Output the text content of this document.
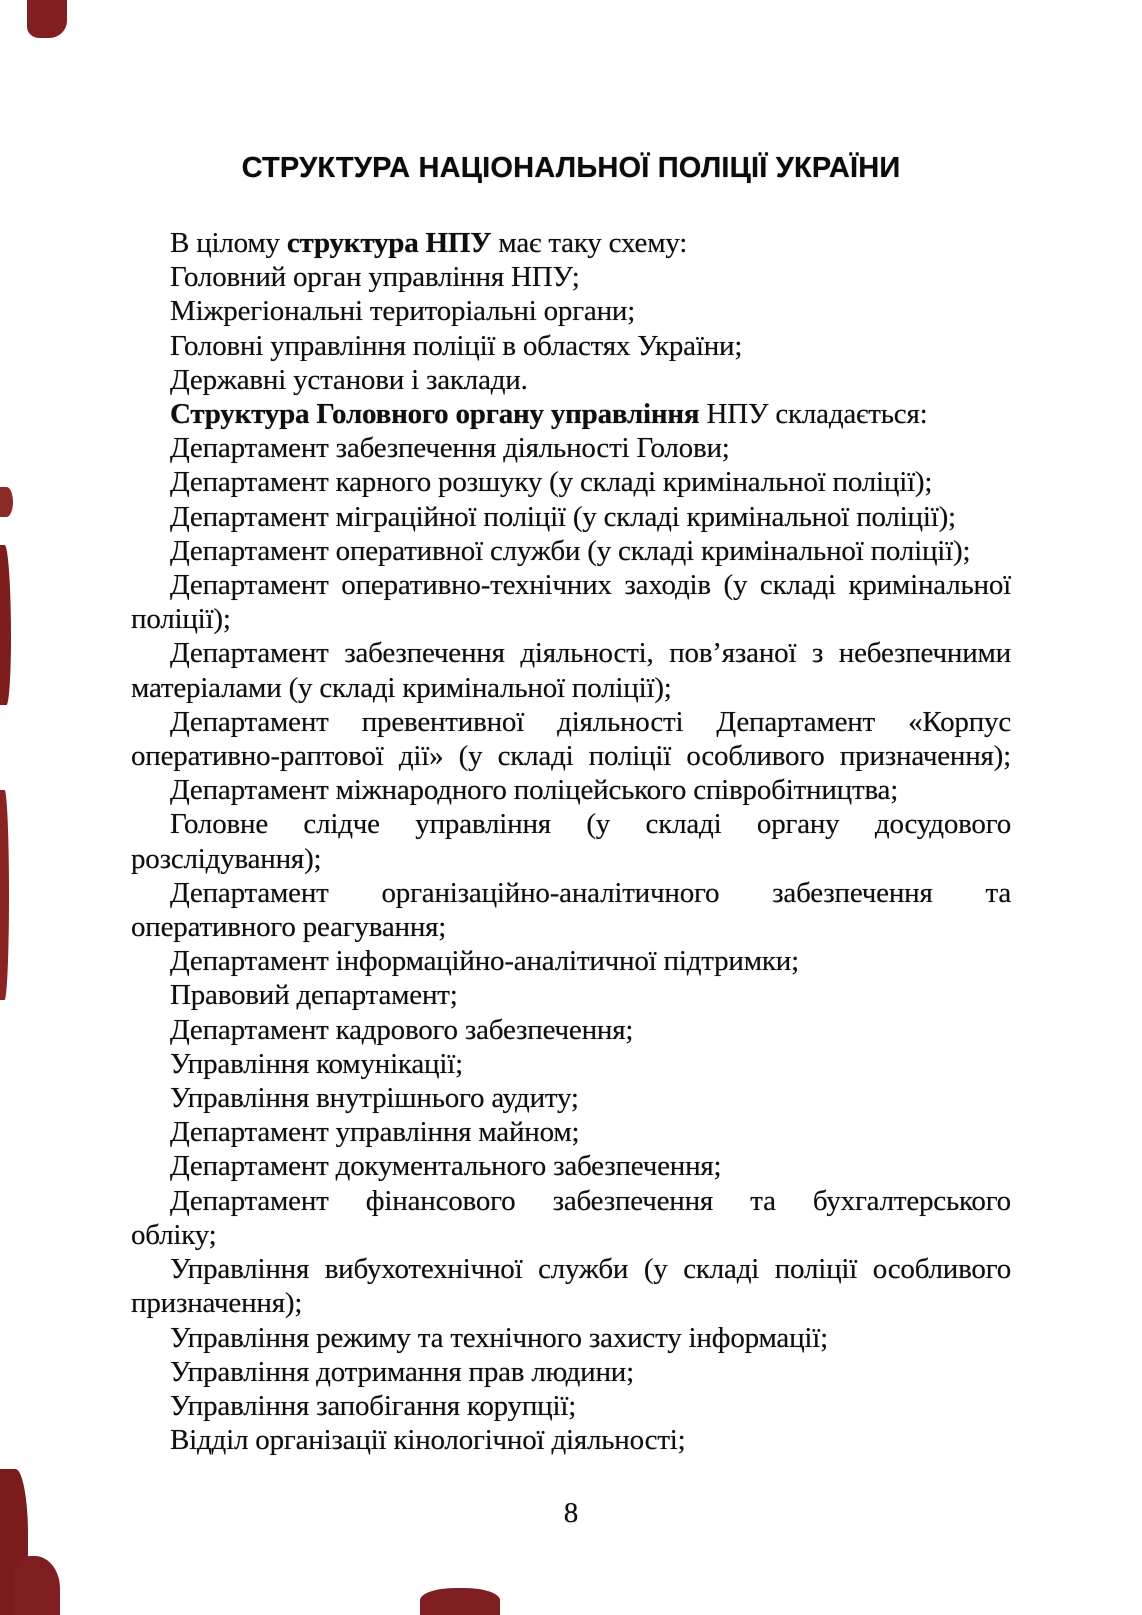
СТРУКТУРА НАЦІОНАЛЬНОЇ ПОЛІЦІЇ УКРАЇНИ
В цілому структура НПУ має таку схему:
Головний орган управління НПУ;
Міжрегіональні територіальні органи;
Головні управління поліції в областях України;
Державні установи і заклади.
Структура Головного органу управління НПУ складається:
Департамент забезпечення діяльності Голови;
Департамент карного розшуку (у складі кримінальної поліції);
Департамент міграційної поліції (у складі кримінальної поліції);
Департамент оперативної служби (у складі кримінальної поліції);
Департамент оперативно-технічних заходів (у складі кримінальної
поліції);
Департамент забезпечення діяльності, пов’язаної з небезпечними
матеріалами (у складі кримінальної поліції);
Департамент превентивної діяльності Департамент «Корпус
оперативно-раптової дії» (у складі поліції особливого призначення);
Департамент міжнародного поліцейського співробітництва;
Головне слідче управління (у складі органу досудового
розслідування);
Департамент організаційно-аналітичного забезпечення та
оперативного реагування;
Департамент інформаційно-аналітичної підтримки;
Правовий департамент;
Департамент кадрового забезпечення;
Управління комунікації;
Управління внутрішнього аудиту;
Департамент управління майном;
Департамент документального забезпечення;
Департамент фінансового забезпечення та бухгалтерського
обліку;
Управління вибухотехнічної служби (у складі поліції особливого
призначення);
Управління режиму та технічного захисту інформації;
Управління дотримання прав людини;
Управління запобігання корупції;
Відділ організації кінологічної діяльності;
8
